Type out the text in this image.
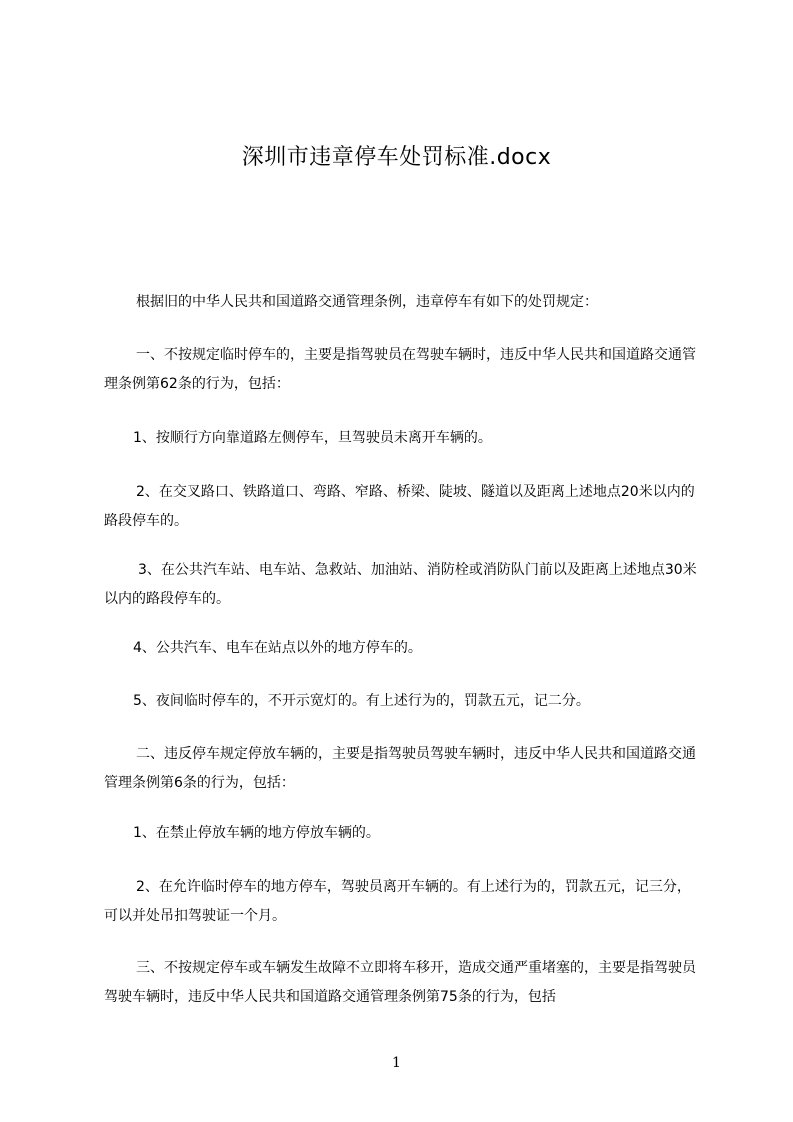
深圳市违章停车处罚标准.docx
根据旧的中华人民共和国道路交通管理条例，违章停车有如下的处罚规定：
一、不按规定临时停车的，主要是指驾驶员在驾驶车辆时，违反中华人民共和国道路交通管理条例第62条的行为，包括：
1、按顺行方向靠道路左侧停车，旦驾驶员未离开车辆的。
2、在交叉路口、铁路道口、弯路、窄路、桥梁、陡坡、隧道以及距离上述地点20米以内的路段停车的。
3、在公共汽车站、电车站、急救站、加油站、消防栓或消防队门前以及距离上述地点30米以内的路段停车的。
4、公共汽车、电车在站点以外的地方停车的。
5、夜间临时停车的，不开示宽灯的。有上述行为的，罚款五元，记二分。
二、违反停车规定停放车辆的，主要是指驾驶员驾驶车辆时，违反中华人民共和国道路交通管理条例第6条的行为，包括：
1、在禁止停放车辆的地方停放车辆的。
2、在允许临时停车的地方停车，驾驶员离开车辆的。有上述行为的，罚款五元，记三分，可以并处吊扣驾驶证一个月。
三、不按规定停车或车辆发生故障不立即将车移开，造成交通严重堵塞的，主要是指驾驶员驾驶车辆时，违反中华人民共和国道路交通管理条例第75条的行为，包括
1
